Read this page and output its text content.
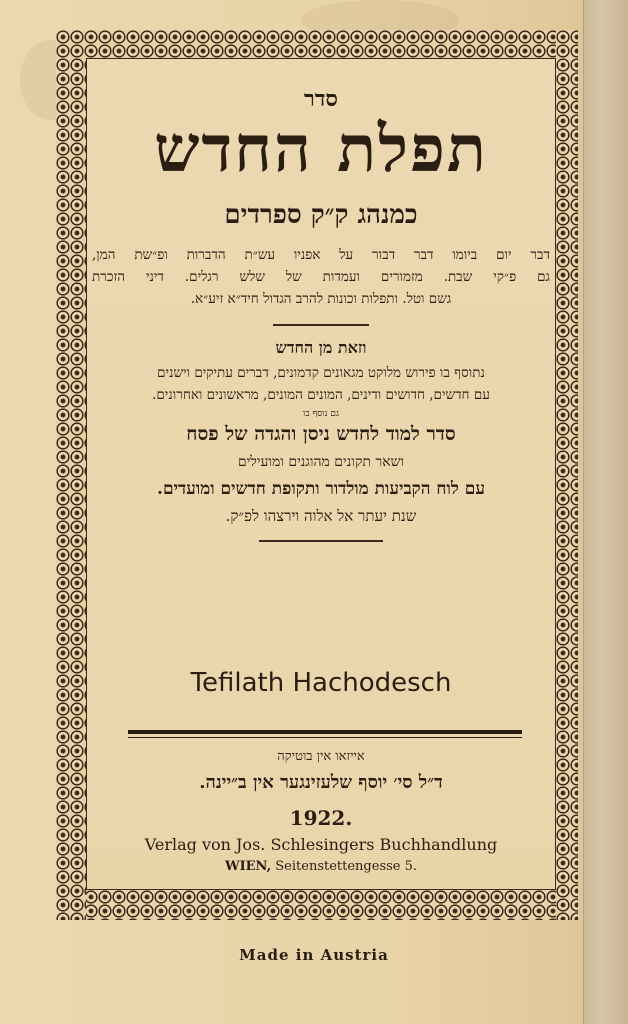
סדר

תפלת החדש

כמנהג ק״ק ספרדים

דבר יום ביומו דבר דבור על אפניו עש״ת הדברות ופ״שת המן,

גם פ״קי שבת. מזמורים ועמדות של שלש רגלים. דיני הזכרת

גשם וטל. ותפלות וכונות להרב הגדול חיד״א זיע״א.

וזאת מן החדש

נתוסף בו פירוש מלוקט מגאונים קדמונים, דברים עתיקים וישנים

עם חדשים, חדושים ודינים, המונים המונים, מראשונים ואחרונים.

גם נוסף בו

סדר למוד לחדש ניסן והגדה של פסח

ושאר תקונים מהוגנים ומועילים

עם לוח הקביעות מולדור ותקופת חדשים ומועדים.

שנת יעתר אל אלוה וירצהו לפ״ק.

Tefilath Hachodesch
אייזאו אין בוטיקה
ד״ל סי׳ יוסף שלעזינגער אין ב״יינה.
1922.
Verlag von Jos. Schlesingers Buchhandlung
WIEN, Seitenstettengesse 5.
Made in Austria
